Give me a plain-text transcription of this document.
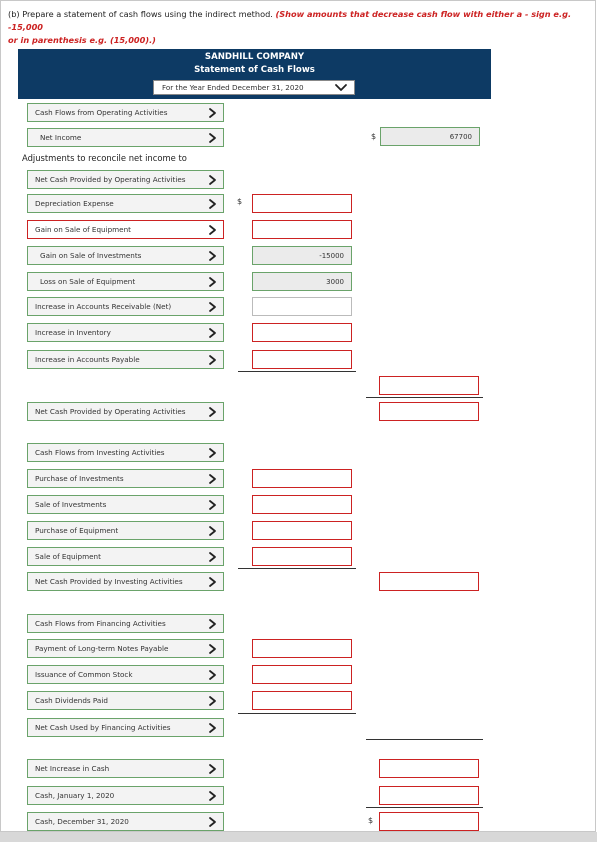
(b) Prepare a statement of cash flows using the indirect method. (Show amounts that decrease cash flow with either a - sign e.g. -15,000
or in parenthesis e.g. (15,000).)
SANDHILL COMPANY
Statement of Cash Flows
For the Year Ended December 31, 2020
Cash Flows from Operating Activities
Net Income
Adjustments to reconcile net income to
Net Cash Provided by Operating Activities
Depreciation Expense
Gain on Sale of Equipment
Gain on Sale of Investments
Loss on Sale of Equipment
Increase in Accounts Receivable (Net)
Increase in Inventory
Increase in Accounts Payable
Net Cash Provided by Operating Activities
Cash Flows from Investing Activities
Purchase of Investments
Sale of Investments
Purchase of Equipment
Sale of Equipment
Net Cash Provided by Investing Activities
Cash Flows from Financing Activities
Payment of Long-term Notes Payable
Issuance of Common Stock
Cash Dividends Paid
Net Cash Used by Financing Activities
Net Increase in Cash
Cash, January 1, 2020
Cash, December 31, 2020
$
$
$
67700
-15000
3000
